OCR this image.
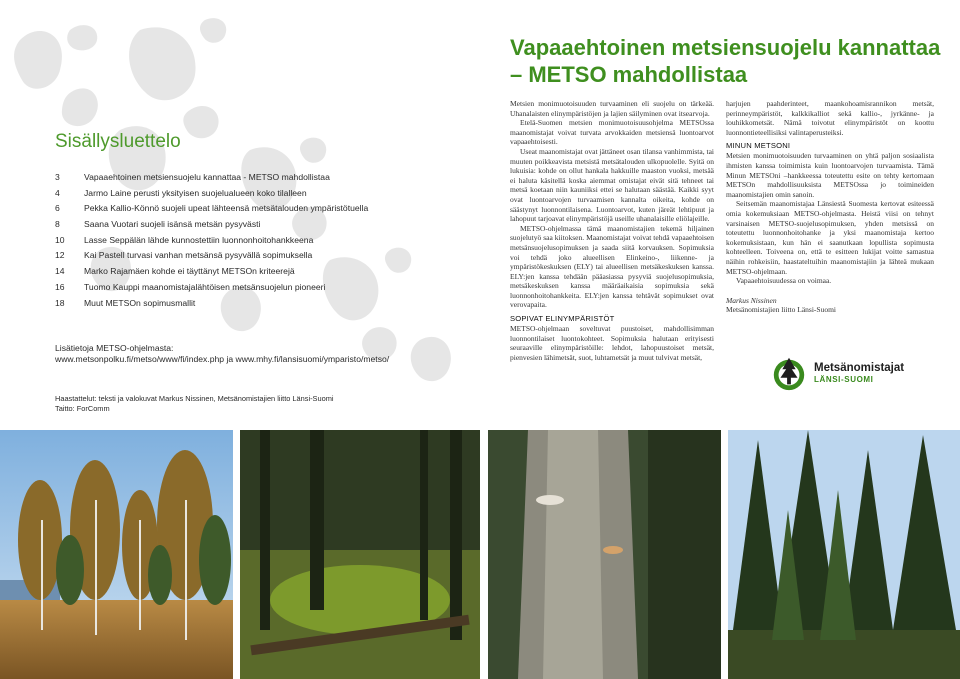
Sisällysluettelo
3	Vapaaehtoinen metsiensuojelu kannattaa - METSO mahdollistaa
4	Jarmo Laine perusti yksityisen suojelualueen koko tilalleen
6	Pekka Kallio-Könnö suojeli upeat lähteensä metsätalouden ympäristötuella
8	Saana Vuotari suojeli isänsä metsän pysyvästi
10	Lasse Seppälän lähde kunnostettiin luonnonhoitohankkeena
12	Kai Pastell turvasi vanhan metsänsä pysyvällä sopimuksella
14	Marko Rajamäen kohde ei täyttänyt METSOn kriteerejä
16	Tuomo Kauppi maanomistajalähtöisen metsänsuojelun pioneeri
18	Muut METSOn sopimusmallit
Lisätietoja METSO-ohjelmasta:
www.metsonpolku.fi/metso/www/fi/index.php ja www.mhy.fi/lansisuomi/ymparisto/metso/
Haastattelut: teksti ja valokuvat Markus Nissinen, Metsänomistajien liitto Länsi-Suomi
Taitto: ForComm
Vapaaehtoinen metsiensuojelu kannattaa
– METSO mahdollistaa

Metsien monimuotoisuuden turvaaminen eli suojelu on tärkeää. Uhanalaisten elinympäristöjen ja lajien säilyminen ovat itsearvoja.

Etelä-Suomen metsien monimuotoisuusohjelma METSOssa maanomistajat voivat turvata arvokkaiden metsiensä luontoarvot vapaaehtoisesti.

Useat maanomistajat ovat jättäneet osan tilansa vanhimmista, tai muuten poikkeavista metsistä metsätalouden ulkopuolelle. Syitä on lukuisia: kohde on ollut hankala hakkuille maaston vuoksi, metsää ei haluta käsitellä koska aiemmat omistajat eivät sitä tehneet tai metsä koetaan niin kauniiksi ettei se halutaan säästää. Kaikki syyt ovat luontoarvojen turvaamisen kannalta oikeita, kohde on säästynyt luonnontilaisena. Luontoarvot, kuten järeät lehtipuut ja lahopuut tarjoavat elinympäristöjä useille uhanalaisille eliölajeille.

METSO-ohjelmassa tämä maanomistajien tekemä hiljainen suojelutyö saa kiitoksen. Maanomistajat voivat tehdä vapaaehtoisen metsänsuojelusopimuksen ja saada siitä korvauksen. Sopimuksia voi tehdä joko alueellisen Elinkeino-, liikenne- ja ympäristökeskuksen (ELY) tai alueellisen metsäkeskuksen kanssa. ELY:jen kanssa tehdään pääasiassa pysyviä suojelusopimuksia, metsäkeskuksen kanssa määräaikaisia sopimuksia sekä luonnonhoitohankkeita. ELY:jen kanssa tehtävät sopimukset ovat verovapaita.

SOPIVAT ELINYMPÄRISTÖT

METSO-ohjelmaan soveltuvat puustoiset, mahdollisimman luonnontilaiset luontokohteet. Sopimuksia halutaan erityisesti seuraaville elinympäristöille: lehdot, lahopuustoiset metsät, pienvesien lähimetsät, suot, luhtametsät ja muut tulvivat metsät,

harjujen paahderinteet, maankohoamisrannikon metsät, perinneympäristöt, kalkkikalliot sekä kallio-, jyrkänne- ja louhikkometsät. Nämä toivotut elinympäristöt on koottu luonnontieteellisiksi valintaperusteiksi.

MINUN METSONI

Metsien monimuotoisuuden turvaaminen on yhtä paljon sosiaalista ihmisten kanssa toimimista kuin luontoarvojen turvaamista. Tämä Minun METSOni –hankkeessa toteutettu esite on tehty kertomaan METSOn mahdollisuuksista METSOssa jo toimineiden maanomistajien omin sanoin.

Seitsemän maanomistajaa Länsiestä Suomesta kertovat esiteessä omia kokemuksiaan METSO-ohjelmasta. Heistä viisi on tehnyt varsinaisen METSO-suojelusopimuksen, yhden metsissä on toteutettu luonnonhoitohanke ja yksi maanomistaja kertoo kokemuksistaan, kun hän ei saanutkaan lopullista sopimusta kohteelleen. Toiveena on, että te esitteen lukijat voitte samastua näihin rohkeisiin, haastateltuihin maanomistajiin ja lähteä mukaan METSO-ohjelmaan.

Vapaaehtoisuudessa on voimaa.

Markus Nissinen
Metsänomistajien liitto Länsi-Suomi
Metsänomistajat
LÄNSI-SUOMI
